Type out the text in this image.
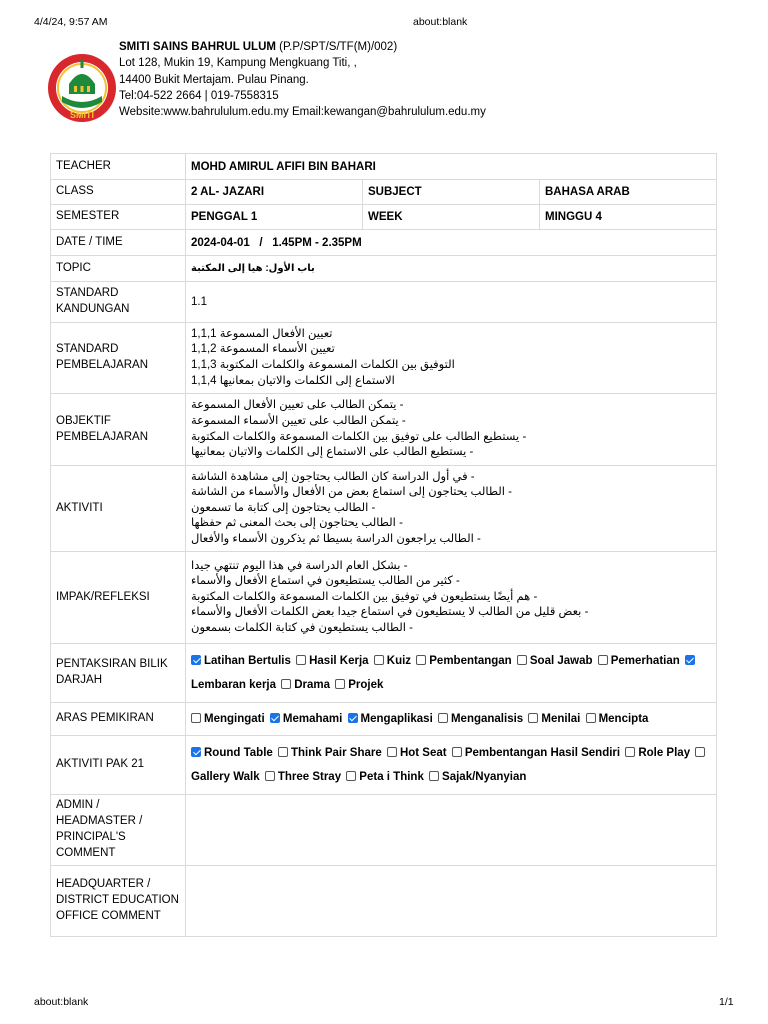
4/4/24, 9:57 AM	about:blank
SMITI
SMITI SAINS BAHRUL ULUM (P.P/SPT/S/TF(M)/002)
Lot 128, Mukin 19, Kampung Mengkuang Titi, ,
14400 Bukit Mertajam. Pulau Pinang.
Tel:04-522 2664 | 019-7558315
Website:www.bahrululum.edu.my Email:kewangan@bahrululum.edu.my
TEACHER	MOHD AMIRUL AFIFI BIN BAHARI		
CLASS	2 AL- JAZARI	SUBJECT	BAHASA ARAB
SEMESTER	PENGGAL 1	WEEK	MINGGU 4
DATE / TIME	2024-04-01   /   1.45PM - 2.35PM		
TOPIC	باب الأول: هيا إلى المكتبة		
STANDARD KANDUNGAN	1.1		
STANDARD PEMBELAJARAN	1,1,1 تعيين الأفعال المسموعة
1,1,2 تعيين الأسماء المسموعة
1,1,3 التوفيق بين الكلمات المسموعة والكلمات المكتوبة
1,1,4 الاستماع إلى الكلمات والاتيان بمعانيها		

OBJEKTIF PEMBELAJARAN	يتمكن الطالب على تعيين الأفعال المسموعة -
يتمكن الطالب على تعيين الأسماء المسموعة -
يستطيع الطالب على توفيق بين الكلمات المسموعة والكلمات المكتوبة -
يستطيع الطالب على الاستماع إلى الكلمات والاتيان بمعانيها -		

AKTIVITI	في أول الدراسة كان الطالب يحتاجون إلى مشاهدة الشاشة -
الطالب يحتاجون إلى استماع بعض من الأفعال والأسماء من الشاشة -
الطالب يحتاجون إلى كتابة ما تسمعون -
الطالب يحتاجون إلى بحث المعنى ثم حفظها -
الطالب يراجعون الدراسة بسيطا ثم يذكرون الأسماء والأفعال -		

IMPAK/REFLEKSI	بشكل العام الدراسة في هذا اليوم تنتهي جيدا -
كثير من الطالب يستطيعون في استماع الأفعال والأسماء -
هم أيضًا يستطيعون في توفيق بين الكلمات المسموعة والكلمات المكتوبة -
بعض قليل من الطالب لا يستطيعون في استماع جيدا بعض الكلمات الأفعال والأسماء -
الطالب يستطيعون في كتابة الكلمات بسمعون -		

PENTAKSIRAN BILIK DARJAH	Latihan Bertulis Hasil Kerja Kuiz Pembentangan Soal Jawab Pemerhatian Lembaran kerja Drama Projek		
ARAS PEMIKIRAN	Mengingati Memahami Mengaplikasi Menganalisis Menilai Mencipta		
AKTIVITI PAK 21	Round Table Think Pair Share Hot Seat Pembentangan Hasil Sendiri Role Play Gallery Walk Three Stray Peta i Think Sajak/Nyanyian		
ADMIN / HEADMASTER / PRINCIPAL'S COMMENT			
HEADQUARTER / DISTRICT EDUCATION OFFICE COMMENT			
about:blank	1/1
